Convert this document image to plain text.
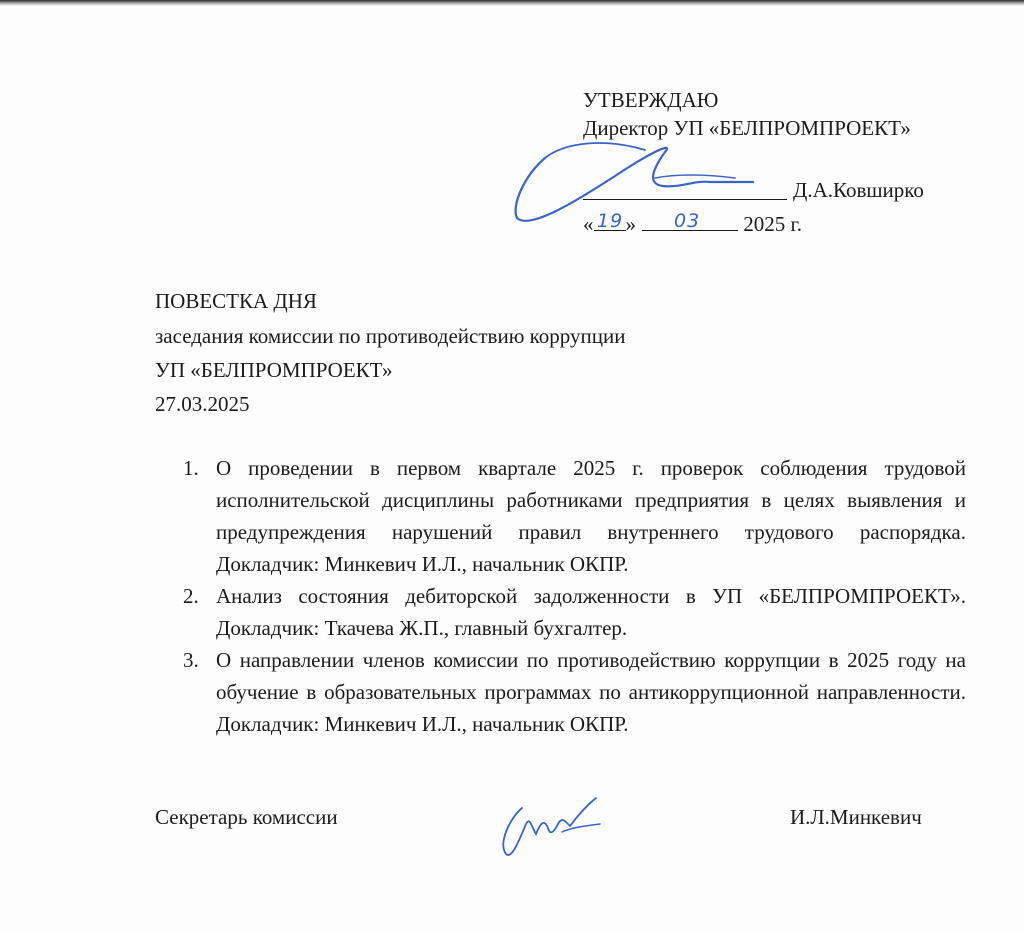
УТВЕРЖДАЮ
Директор УП «БЕЛПРОМПРОЕКТ»
Д.А.Ковширко
« »	2025 г.
19	03
ПОВЕСТКА ДНЯ
заседания комиссии по противодействию коррупции
УП «БЕЛПРОМПРОЕКТ»
27.03.2025
1. О проведении в первом квартале 2025 г. проверок соблюдения трудовой исполнительской дисциплины работниками предприятия в целях выявления и предупреждения нарушений правил внутреннего трудового распорядка. Докладчик: Минкевич И.Л., начальник ОКПР.
2. Анализ состояния дебиторской задолженности в УП «БЕЛПРОМПРОЕКТ». Докладчик: Ткачева Ж.П., главный бухгалтер.
3. О направлении членов комиссии по противодействию коррупции в 2025 году на обучение в образовательных программах по антикоррупционной направленности. Докладчик: Минкевич И.Л., начальник ОКПР.
Секретарь комиссии	И.Л.Минкевич
